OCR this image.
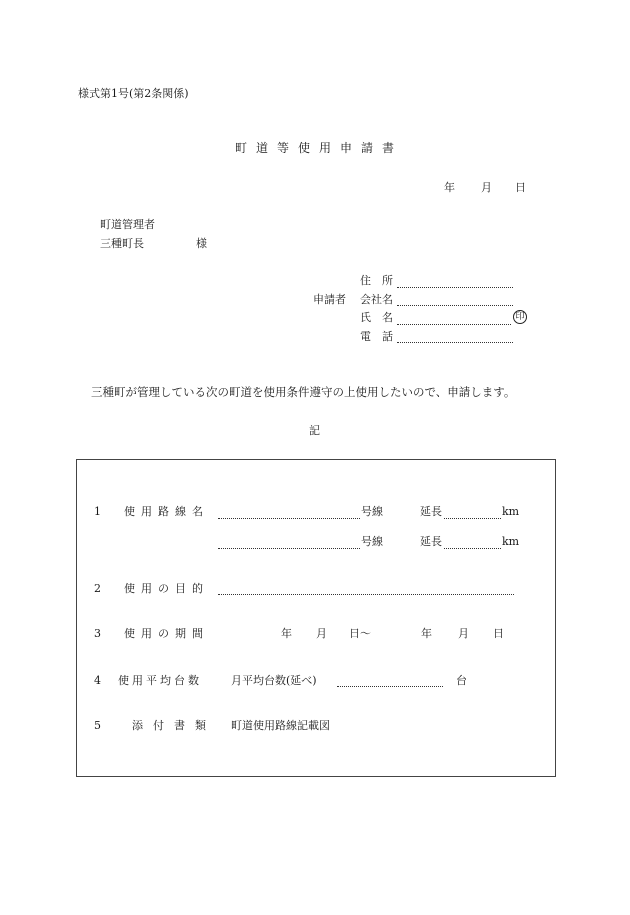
様式第1号(第2条関係)
町道等使用申請書
年 月 日
町道管理者
三種町長	様
申請者
住　所
会社名
氏　名	印
電　話
三種町が管理している次の町道を使用条件遵守の上使用したいので、申請します。
記
1　使用路線名	号線	延長	km
号線	延長	km
2　使用の目的
3　使用の期間	年 月 日〜	年 月 日
4　使用平均台数	月平均台数(延べ)	台
5　添付書類 町道使用路線記載図
